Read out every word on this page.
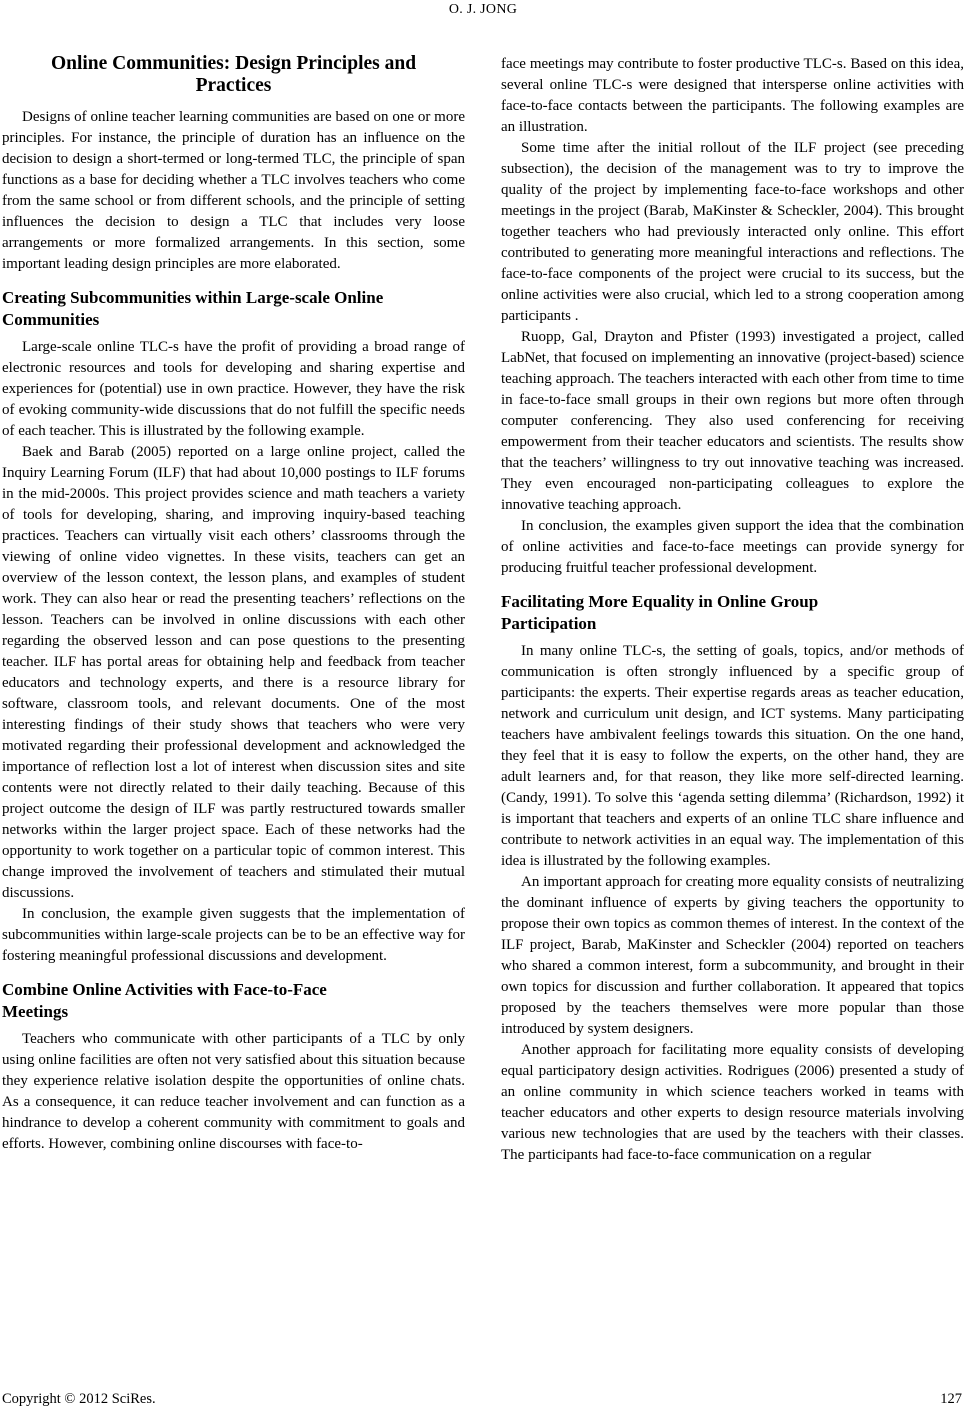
O. J. JONG
Online Communities: Design Principles and
Practices

Designs of online teacher learning communities are based on one or more principles. For instance, the principle of duration has an influence on the decision to design a short-termed or long-termed TLC, the principle of span functions as a base for deciding whether a TLC involves teachers who come from the same school or from different schools, and the principle of setting influences the decision to design a TLC that includes very loose arrangements or more formalized arrangements. In this section, some important leading design principles are more elaborated.

Creating Subcommunities within Large-scale Online
Communities

Large-scale online TLC-s have the profit of providing a broad range of electronic resources and tools for developing and sharing expertise and experiences for (potential) use in own practice. However, they have the risk of evoking community-wide discussions that do not fulfill the specific needs of each teacher. This is illustrated by the following example.

Baek and Barab (2005) reported on a large online project, called the Inquiry Learning Forum (ILF) that had about 10,000 postings to ILF forums in the mid-2000s. This project provides science and math teachers a variety of tools for developing, sharing, and improving inquiry-based teaching practices. Teachers can virtually visit each others’ classrooms through the viewing of online video vignettes. In these visits, teachers can get an overview of the lesson context, the lesson plans, and examples of student work. They can also hear or read the presenting teachers’ reflections on the lesson. Teachers can be involved in online discussions with each other regarding the observed lesson and can pose questions to the presenting teacher. ILF has portal areas for obtaining help and feedback from teacher educators and technology experts, and there is a resource library for software, classroom tools, and relevant documents. One of the most interesting findings of their study shows that teachers who were very motivated regarding their professional development and acknowledged the importance of reflection lost a lot of interest when discussion sites and site contents were not directly related to their daily teaching. Because of this project outcome the design of ILF was partly restructured towards smaller networks within the larger project space. Each of these networks had the opportunity to work together on a particular topic of common interest. This change improved the involvement of teachers and stimulated their mutual discussions.

In conclusion, the example given suggests that the implementation of subcommunities within large-scale projects can be to be an effective way for fostering meaningful professional discussions and development.

Combine Online Activities with Face-to-Face
Meetings

Teachers who communicate with other participants of a TLC by only using online facilities are often not very satisfied about this situation because they experience relative isolation despite the opportunities of online chats. As a consequence, it can reduce teacher involvement and can function as a hindrance to develop a coherent community with commitment to goals and efforts. However, combining online discourses with face-to-

face meetings may contribute to foster productive TLC-s. Based on this idea, several online TLC-s were designed that intersperse online activities with face-to-face contacts between the participants. The following examples are an illustration.

Some time after the initial rollout of the ILF project (see preceding subsection), the decision of the management was to try to improve the quality of the project by implementing face-to-face workshops and other meetings in the project (Barab, MaKinster & Scheckler, 2004). This brought together teachers who had previously interacted only online. This effort contributed to generating more meaningful interactions and reflections. The face-to-face components of the project were crucial to its success, but the online activities were also crucial, which led to a strong cooperation among participants .

Ruopp, Gal, Drayton and Pfister (1993) investigated a project, called LabNet, that focused on implementing an innovative (project-based) science teaching approach. The teachers interacted with each other from time to time in face-to-face small groups in their own regions but more often through computer conferencing. They also used conferencing for receiving empowerment from their teacher educators and scientists. The results show that the teachers’ willingness to try out innovative teaching was increased. They even encouraged non-participating colleagues to explore the innovative teaching approach.

In conclusion, the examples given support the idea that the combination of online activities and face-to-face meetings can provide synergy for producing fruitful teacher professional development.

Facilitating More Equality in Online Group
Participation

In many online TLC-s, the setting of goals, topics, and/or methods of communication is often strongly influenced by a specific group of participants: the experts. Their expertise regards areas as teacher education, network and curriculum unit design, and ICT systems. Many participating teachers have ambivalent feelings towards this situation. On the one hand, they feel that it is easy to follow the experts, on the other hand, they are adult learners and, for that reason, they like more self-directed learning. (Candy, 1991). To solve this ‘agenda setting dilemma’ (Richardson, 1992) it is important that teachers and experts of an online TLC share influence and contribute to network activities in an equal way. The implementation of this idea is illustrated by the following examples.

An important approach for creating more equality consists of neutralizing the dominant influence of experts by giving teachers the opportunity to propose their own topics as common themes of interest. In the context of the ILF project, Barab, MaKinster and Scheckler (2004) reported on teachers who shared a common interest, form a subcommunity, and brought in their own topics for discussion and further collaboration. It appeared that topics proposed by the teachers themselves were more popular than those introduced by system designers.

Another approach for facilitating more equality consists of developing equal participatory design activities. Rodrigues (2006) presented a study of an online community in which science teachers worked in teams with teacher educators and other experts to design resource materials involving various new technologies that are used by the teachers with their classes. The participants had face-to-face communication on a regular

Copyright © 2012 SciRes.	127
